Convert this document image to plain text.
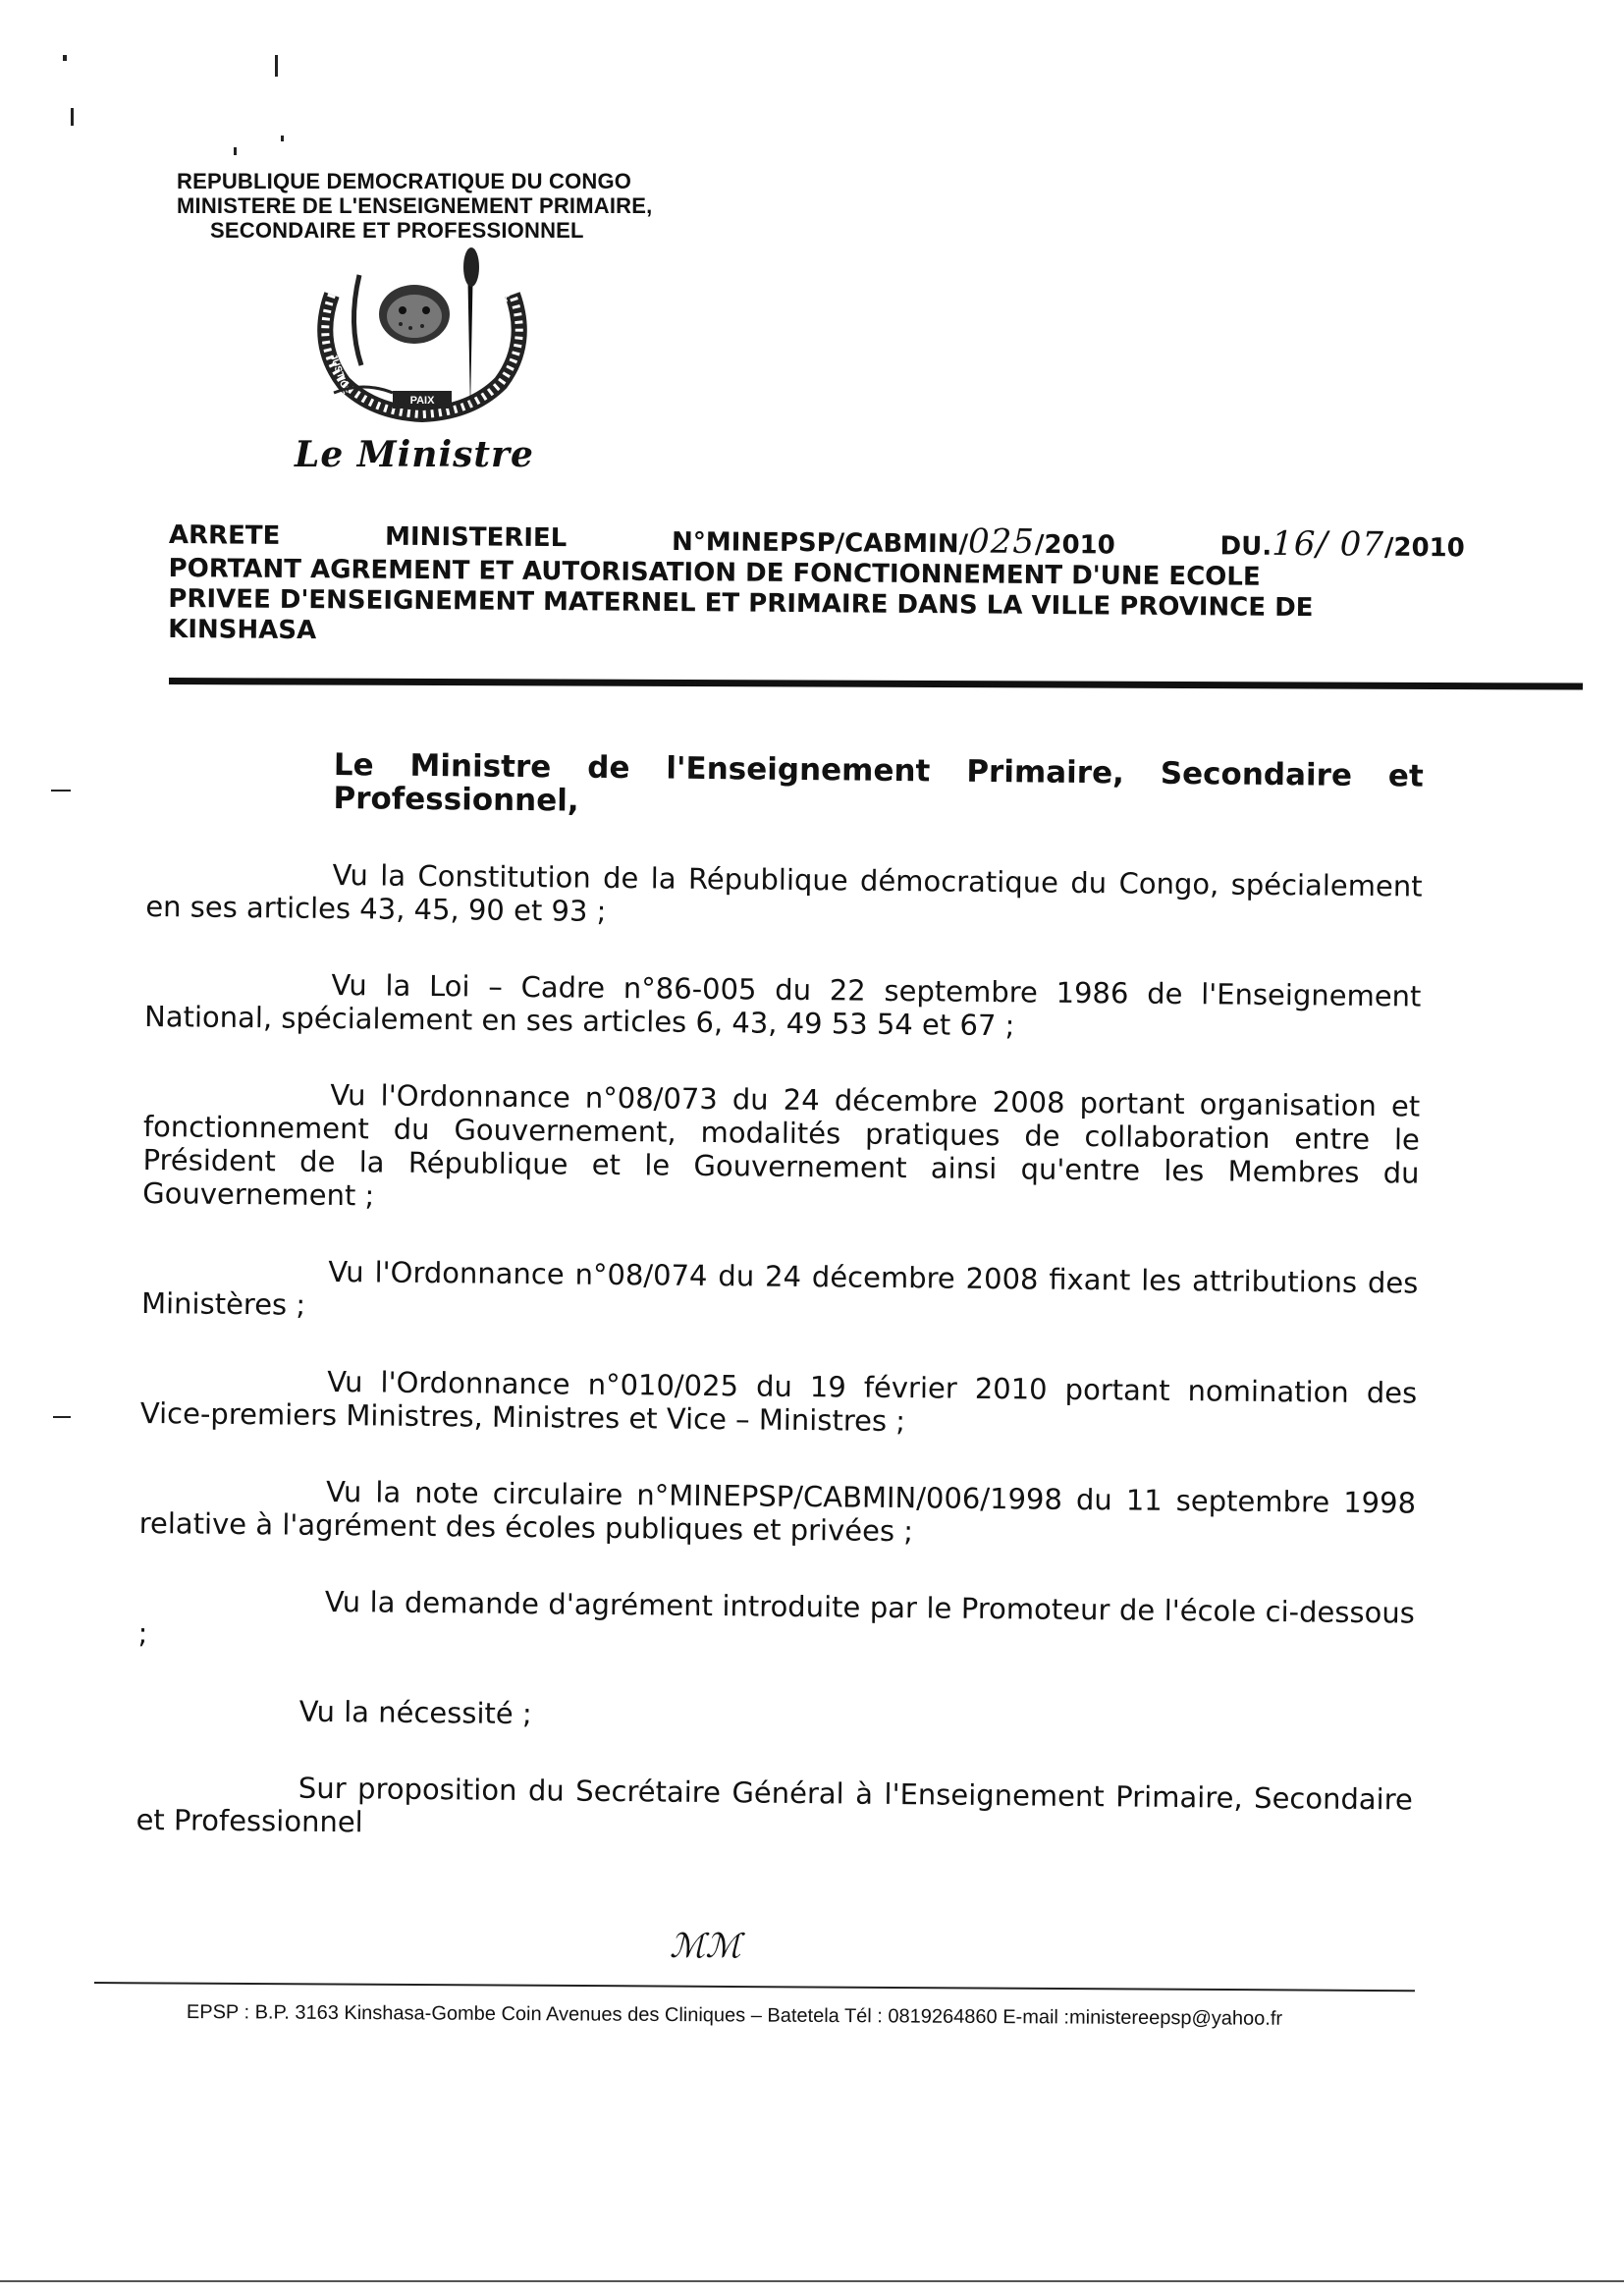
REPUBLIQUE DEMOCRATIQUE DU CONGO
MINISTERE DE L'ENSEIGNEMENT PRIMAIRE,
SECONDAIRE ET PROFESSIONNEL
PAIX
JUSTICE
TRAVAIL
Le Ministre
ARRETE	MINISTERIEL	N°MINEPSP/CABMIN/025/2010	DU.16/ 07/2010
PORTANT AGREMENT ET AUTORISATION DE FONCTIONNEMENT D'UNE ECOLE
PRIVEE D'ENSEIGNEMENT MATERNEL ET PRIMAIRE DANS LA VILLE PROVINCE DE
KINSHASA
Le Ministre de l'Enseignement Primaire, Secondaire et Professionnel,

Vu la Constitution de la République démocratique du Congo, spécialement en ses articles 43, 45, 90 et 93 ;

Vu la Loi – Cadre n°86-005 du 22 septembre 1986 de l'Enseignement National, spécialement en ses articles 6, 43, 49 53 54 et 67 ;

Vu l'Ordonnance n°08/073 du 24 décembre 2008 portant organisation et fonctionnement du Gouvernement, modalités pratiques de collaboration entre le Président de la République et le Gouvernement ainsi qu'entre les Membres du Gouvernement ;

Vu l'Ordonnance n°08/074 du 24 décembre 2008 fixant les attributions des Ministères ;

Vu l'Ordonnance n°010/025 du 19 février 2010 portant nomination des Vice-premiers Ministres, Ministres et Vice – Ministres ;

Vu la note circulaire n°MINEPSP/CABMIN/006/1998 du 11 septembre 1998 relative à l'agrément des écoles publiques et privées ;

Vu la demande d'agrément introduite par le Promoteur de l'école ci-dessous ;

Vu la nécessité ;

Sur proposition du Secrétaire Général à l'Enseignement Primaire, Secondaire et Professionnel

ℳℳ
EPSP : B.P. 3163 Kinshasa-Gombe Coin Avenues des Cliniques – Batetela Tél : 0819264860 E-mail :ministereepsp@yahoo.fr
